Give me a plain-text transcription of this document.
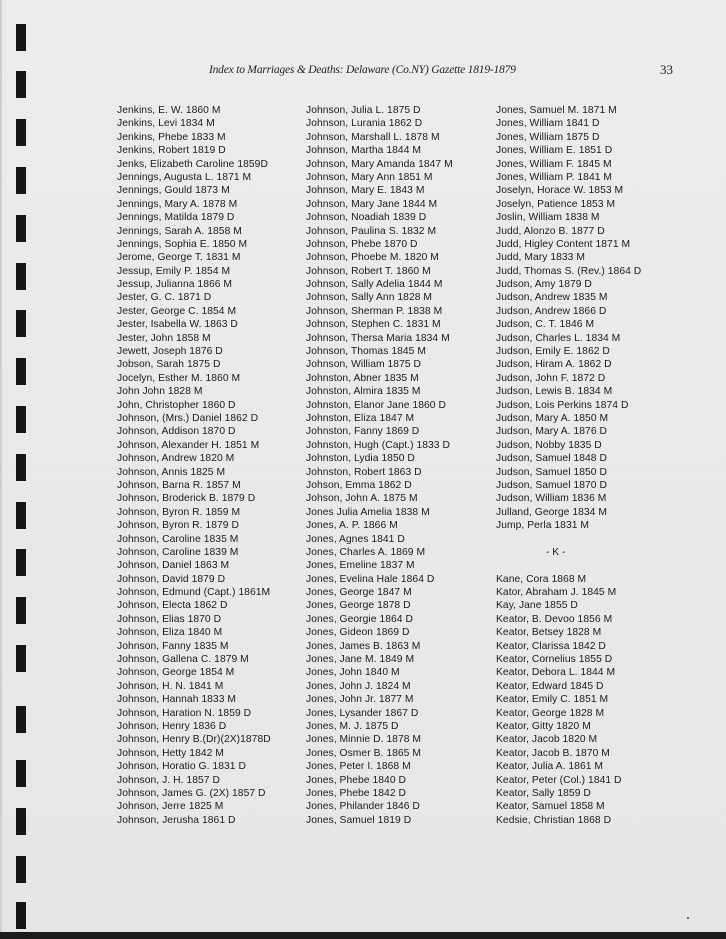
Index to Marriages & Deaths: Delaware (Co.NY) Gazette 1819-1879	33
Jenkins, E. W. 1860 M
Jenkins, Levi 1834 M
Jenkins, Phebe 1833 M
Jenkins, Robert 1819 D
Jenks, Elizabeth Caroline 1859D
Jennings, Augusta L. 1871 M
Jennings, Gould 1873 M
Jennings, Mary A. 1878 M
Jennings, Matilda 1879 D
Jennings, Sarah A. 1858 M
Jennings, Sophia E. 1850 M
Jerome, George T. 1831 M
Jessup, Emily P. 1854 M
Jessup, Julianna 1866 M
Jester, G. C. 1871 D
Jester, George C. 1854 M
Jester, Isabella W. 1863 D
Jester, John 1858 M
Jewett, Joseph 1876 D
Jobson, Sarah 1875 D
Jocelyn, Esther M. 1860 M
John John 1828 M
John, Christopher 1860 D
Johnson, (Mrs.) Daniel 1862 D
Johnson, Addison 1870 D
Johnson, Alexander H. 1851 M
Johnson, Andrew 1820 M
Johnson, Annis 1825 M
Johnson, Barna R. 1857 M
Johnson, Broderick B. 1879 D
Johnson, Byron R. 1859 M
Johnson, Byron R. 1879 D
Johnson, Caroline 1835 M
Johnson, Caroline 1839 M
Johnson, Daniel 1863 M
Johnson, David 1879 D
Johnson, Edmund (Capt.) 1861M
Johnson, Electa 1862 D
Johnson, Elias 1870 D
Johnson, Eliza 1840 M
Johnson, Fanny 1835 M
Johnson, Gallena C. 1879 M
Johnson, George 1854 M
Johnson, H. N. 1841 M
Johnson, Hannah 1833 M
Johnson, Haration N. 1859 D
Johnson, Henry 1836 D
Johnson, Henry B.(Dr)(2X)1878D
Johnson, Hetty 1842 M
Johnson, Horatio G. 1831 D
Johnson, J. H. 1857 D
Johnson, James G. (2X) 1857 D
Johnson, Jerre 1825 M
Johnson, Jerusha 1861 D
Johnson, Julia L. 1875 D
Johnson, Lurania 1862 D
Johnson, Marshall L. 1878 M
Johnson, Martha 1844 M
Johnson, Mary Amanda 1847 M
Johnson, Mary Ann 1851 M
Johnson, Mary E. 1843 M
Johnson, Mary Jane 1844 M
Johnson, Noadiah 1839 D
Johnson, Paulina S. 1832 M
Johnson, Phebe 1870 D
Johnson, Phoebe M. 1820 M
Johnson, Robert T. 1860 M
Johnson, Sally Adelia 1844 M
Johnson, Sally Ann 1828 M
Johnson, Sherman P. 1838 M
Johnson, Stephen C. 1831 M
Johnson, Thersa Maria 1834 M
Johnson, Thomas 1845 M
Johnson, William 1875 D
Johnston, Abner 1835 M
Johnston, Almira 1835 M
Johnston, Elanor Jane 1860 D
Johnston, Eliza 1847 M
Johnston, Fanny 1869 D
Johnston, Hugh (Capt.) 1833 D
Johnston, Lydia 1850 D
Johnston, Robert 1863 D
Johson, Emma 1862 D
Johson, John A. 1875 M
Jones Julia Amelia 1838 M
Jones, A. P. 1866 M
Jones, Agnes 1841 D
Jones, Charles A. 1869 M
Jones, Emeline 1837 M
Jones, Evelina Hale 1864 D
Jones, George 1847 M
Jones, George 1878 D
Jones, Georgie 1864 D
Jones, Gideon 1869 D
Jones, James B. 1863 M
Jones, Jane M. 1849 M
Jones, John 1840 M
Jones, John J. 1824 M
Jones, John Jr. 1877 M
Jones, Lysander 1867 D
Jones, M. J. 1875 D
Jones, Minnie D. 1878 M
Jones, Osmer B. 1865 M
Jones, Peter I. 1868 M
Jones, Phebe 1840 D
Jones, Phebe 1842 D
Jones, Philander 1846 D
Jones, Samuel 1819 D
Jones, Samuel M. 1871 M
Jones, William 1841 D
Jones, William 1875 D
Jones, William E. 1851 D
Jones, William F. 1845 M
Jones, William P. 1841 M
Joselyn, Horace W. 1853 M
Joselyn, Patience 1853 M
Joslin, William 1838 M
Judd, Alonzo B. 1877 D
Judd, Higley Content 1871 M
Judd, Mary 1833 M
Judd, Thomas S. (Rev.) 1864 D
Judson, Amy 1879 D
Judson, Andrew 1835 M
Judson, Andrew 1866 D
Judson, C. T. 1846 M
Judson, Charles L. 1834 M
Judson, Emily E. 1862 D
Judson, Hiram A. 1862 D
Judson, John F. 1872 D
Judson, Lewis B. 1834 M
Judson, Lois Perkins 1874 D
Judson, Mary A. 1850 M
Judson, Mary A. 1876 D
Judson, Nobby 1835 D
Judson, Samuel 1848 D
Judson, Samuel 1850 D
Judson, Samuel 1870 D
Judson, William 1836 M
Julland, George 1834 M
Jump, Perla 1831 M
- K -
Kane, Cora 1868 M
Kator, Abraham J. 1845 M
Kay, Jane 1855 D
Keator, B. Devoo 1856 M
Keator, Betsey 1828 M
Keator, Clarissa 1842 D
Keator, Cornelius 1855 D
Keator, Debora L. 1844 M
Keator, Edward 1845 D
Keator, Emily C. 1851 M
Keator, George 1828 M
Keator, Gitty 1820 M
Keator, Jacob 1820 M
Keator, Jacob B. 1870 M
Keator, Julia A. 1861 M
Keator, Peter (Col.) 1841 D
Keator, Sally 1859 D
Keator, Samuel 1858 M
Kedsie, Christian 1868 D
